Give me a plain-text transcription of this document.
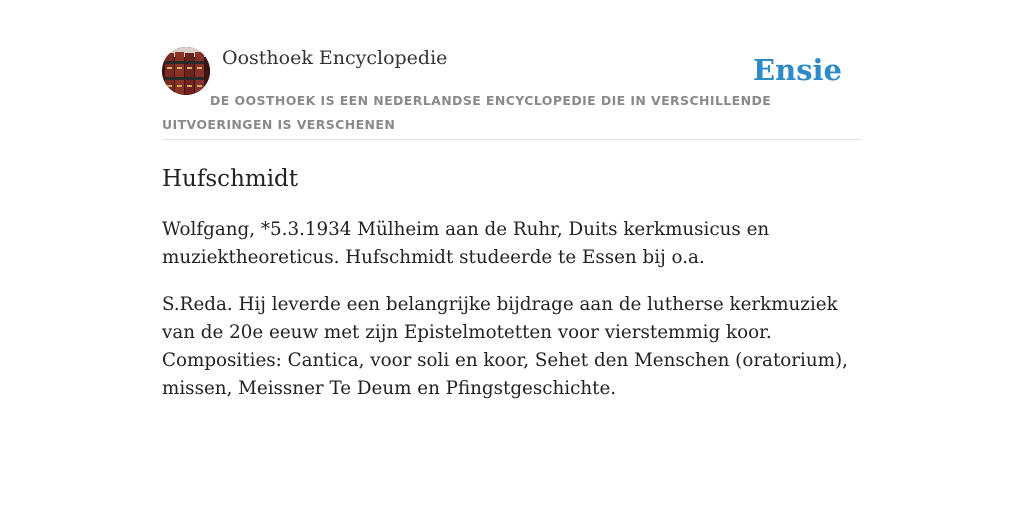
Oosthoek Encyclopedie	Ensie
DE OOSTHOEK IS EEN NEDERLANDSE ENCYCLOPEDIE DIE IN VERSCHILLENDE UITVOERINGEN IS VERSCHENEN
Hufschmidt

Wolfgang, *5.3.1934 Mülheim aan de Ruhr, Duits kerkmusicus en muziektheoreticus. Hufschmidt studeerde te Essen bij o.a.

S.Reda. Hij leverde een belangrijke bijdrage aan de lutherse kerkmuziek van de 20e eeuw met zijn Epistelmotetten voor vierstemmig koor. Composities: Cantica, voor soli en koor, Sehet den Menschen (oratorium), missen, Meissner Te Deum en Pfingstgeschichte.
